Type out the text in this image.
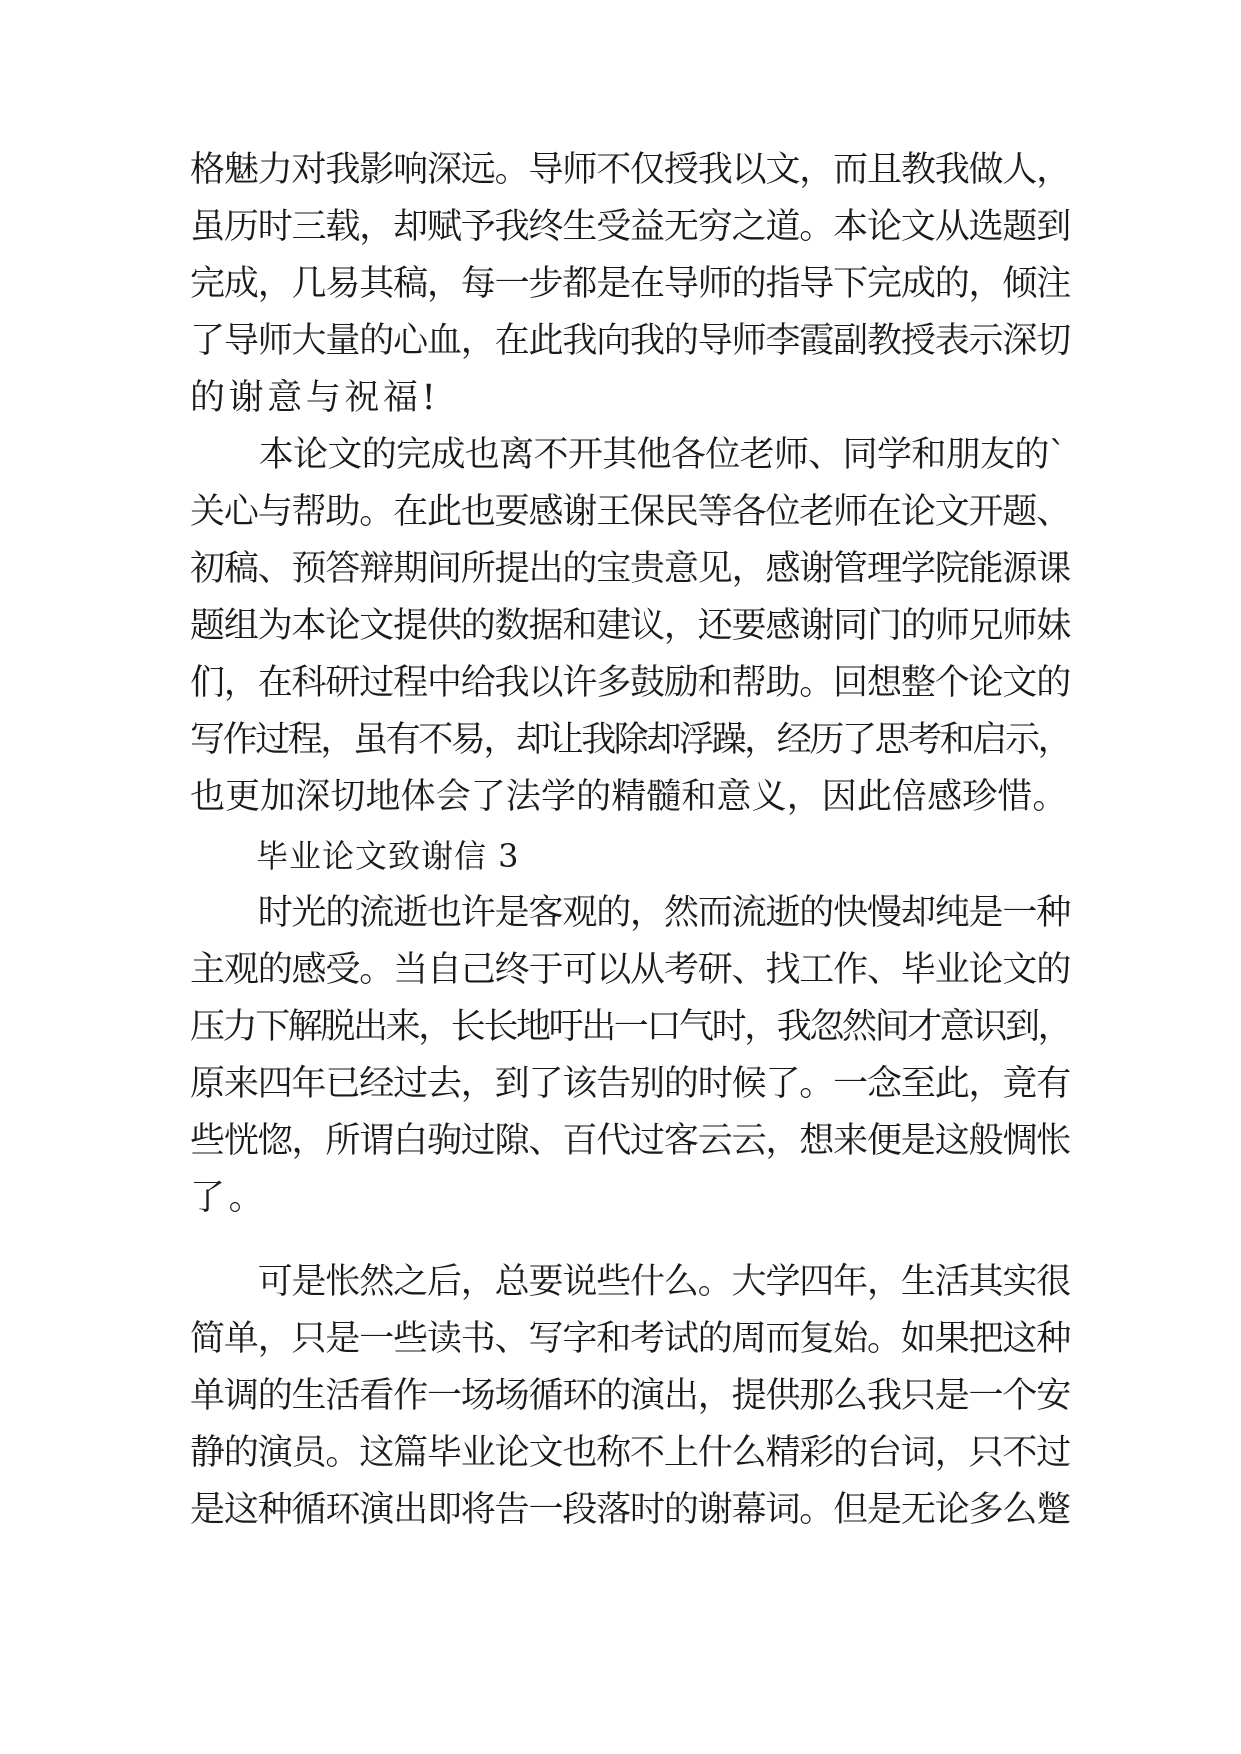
格魅力对我影响深远。导师不仅授我以文，而且教我做人，
虽历时三载，却赋予我终生受益无穷之道。本论文从选题到
完成，几易其稿，每一步都是在导师的指导下完成的，倾注
了导师大量的心血，在此我向我的导师李霞副教授表示深切
的谢意与祝福!
　　本论文的完成也离不开其他各位老师、同学和朋友的`
关心与帮助。在此也要感谢王保民等各位老师在论文开题、
初稿、预答辩期间所提出的宝贵意见，感谢管理学院能源课
题组为本论文提供的数据和建议，还要感谢同门的师兄师妹
们，在科研过程中给我以许多鼓励和帮助。回想整个论文的
写作过程，虽有不易，却让我除却浮躁，经历了思考和启示，
也更加深切地体会了法学的精髓和意义，因此倍感珍惜。
　　毕业论文致谢信 3
　　时光的流逝也许是客观的，然而流逝的快慢却纯是一种
主观的感受。当自己终于可以从考研、找工作、毕业论文的
压力下解脱出来，长长地吁出一口气时，我忽然间才意识到，
原来四年已经过去，到了该告别的时候了。一念至此，竟有
些恍惚，所谓白驹过隙、百代过客云云，想来便是这般惆怅
了。
　　可是怅然之后，总要说些什么。大学四年，生活其实很
简单，只是一些读书、写字和考试的周而复始。如果把这种
单调的生活看作一场场循环的演出，提供那么我只是一个安
静的演员。这篇毕业论文也称不上什么精彩的台词，只不过
是这种循环演出即将告一段落时的谢幕词。但是无论多么蹩
